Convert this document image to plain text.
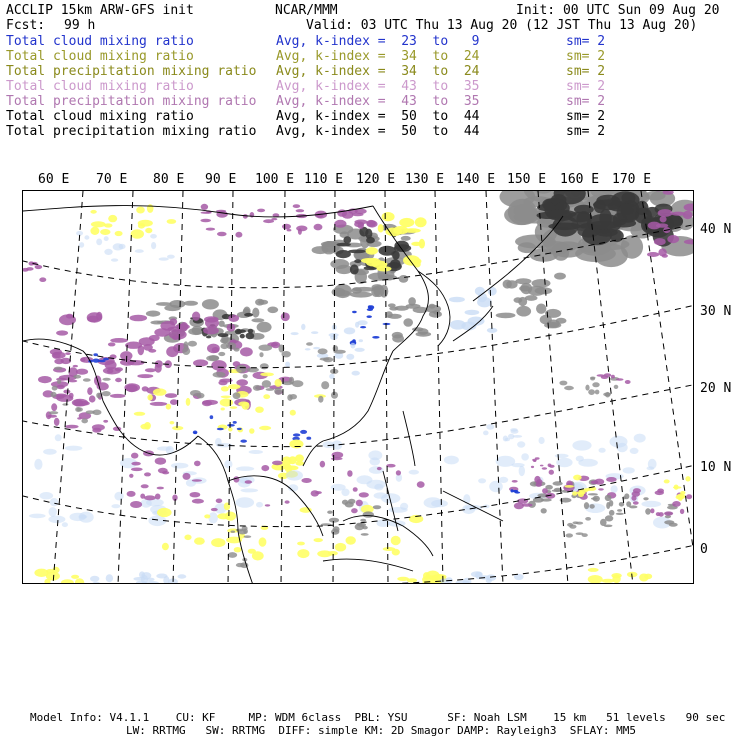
ACCLIP 15km ARW-GFS init	NCAR/MMM	Init: 00 UTC Sun 09 Aug 20
Fcst: 99 h	Valid: 03 UTC Thu 13 Aug 20 (12 JST Thu 13 Aug 20)
Total cloud mixing ratio	Avg, k-index =  23  to   9	sm= 2
Total cloud mixing ratio	Avg, k-index =  34  to  24	sm= 2
Total precipitation mixing ratio Avg, k-index =  34  to  24	sm= 2
Total cloud mixing ratio	Avg, k-index =  43  to  35	sm= 2
Total precipitation mixing ratio Avg, k-index =  43  to  35	sm= 2
Total cloud mixing ratio	Avg, k-index =  50  to  44	sm= 2
Total precipitation mixing ratio Avg, k-index =  50  to  44	sm= 2
60 E 70 E 80 E 90 E 100 E 110 E 120 E 130 E 140 E 150 E 160 E 170 E
40 N
30 N
20 N
10 N
0
Model Info: V4.1.1    CU: KF     MP: WDM 6class  PBL: YSU      SF: Noah LSM    15 km   51 levels   90 sec
LW: RRTMG   SW: RRTMG  DIFF: simple KM: 2D Smagor DAMP: Rayleigh3  SFLAY: MM5
